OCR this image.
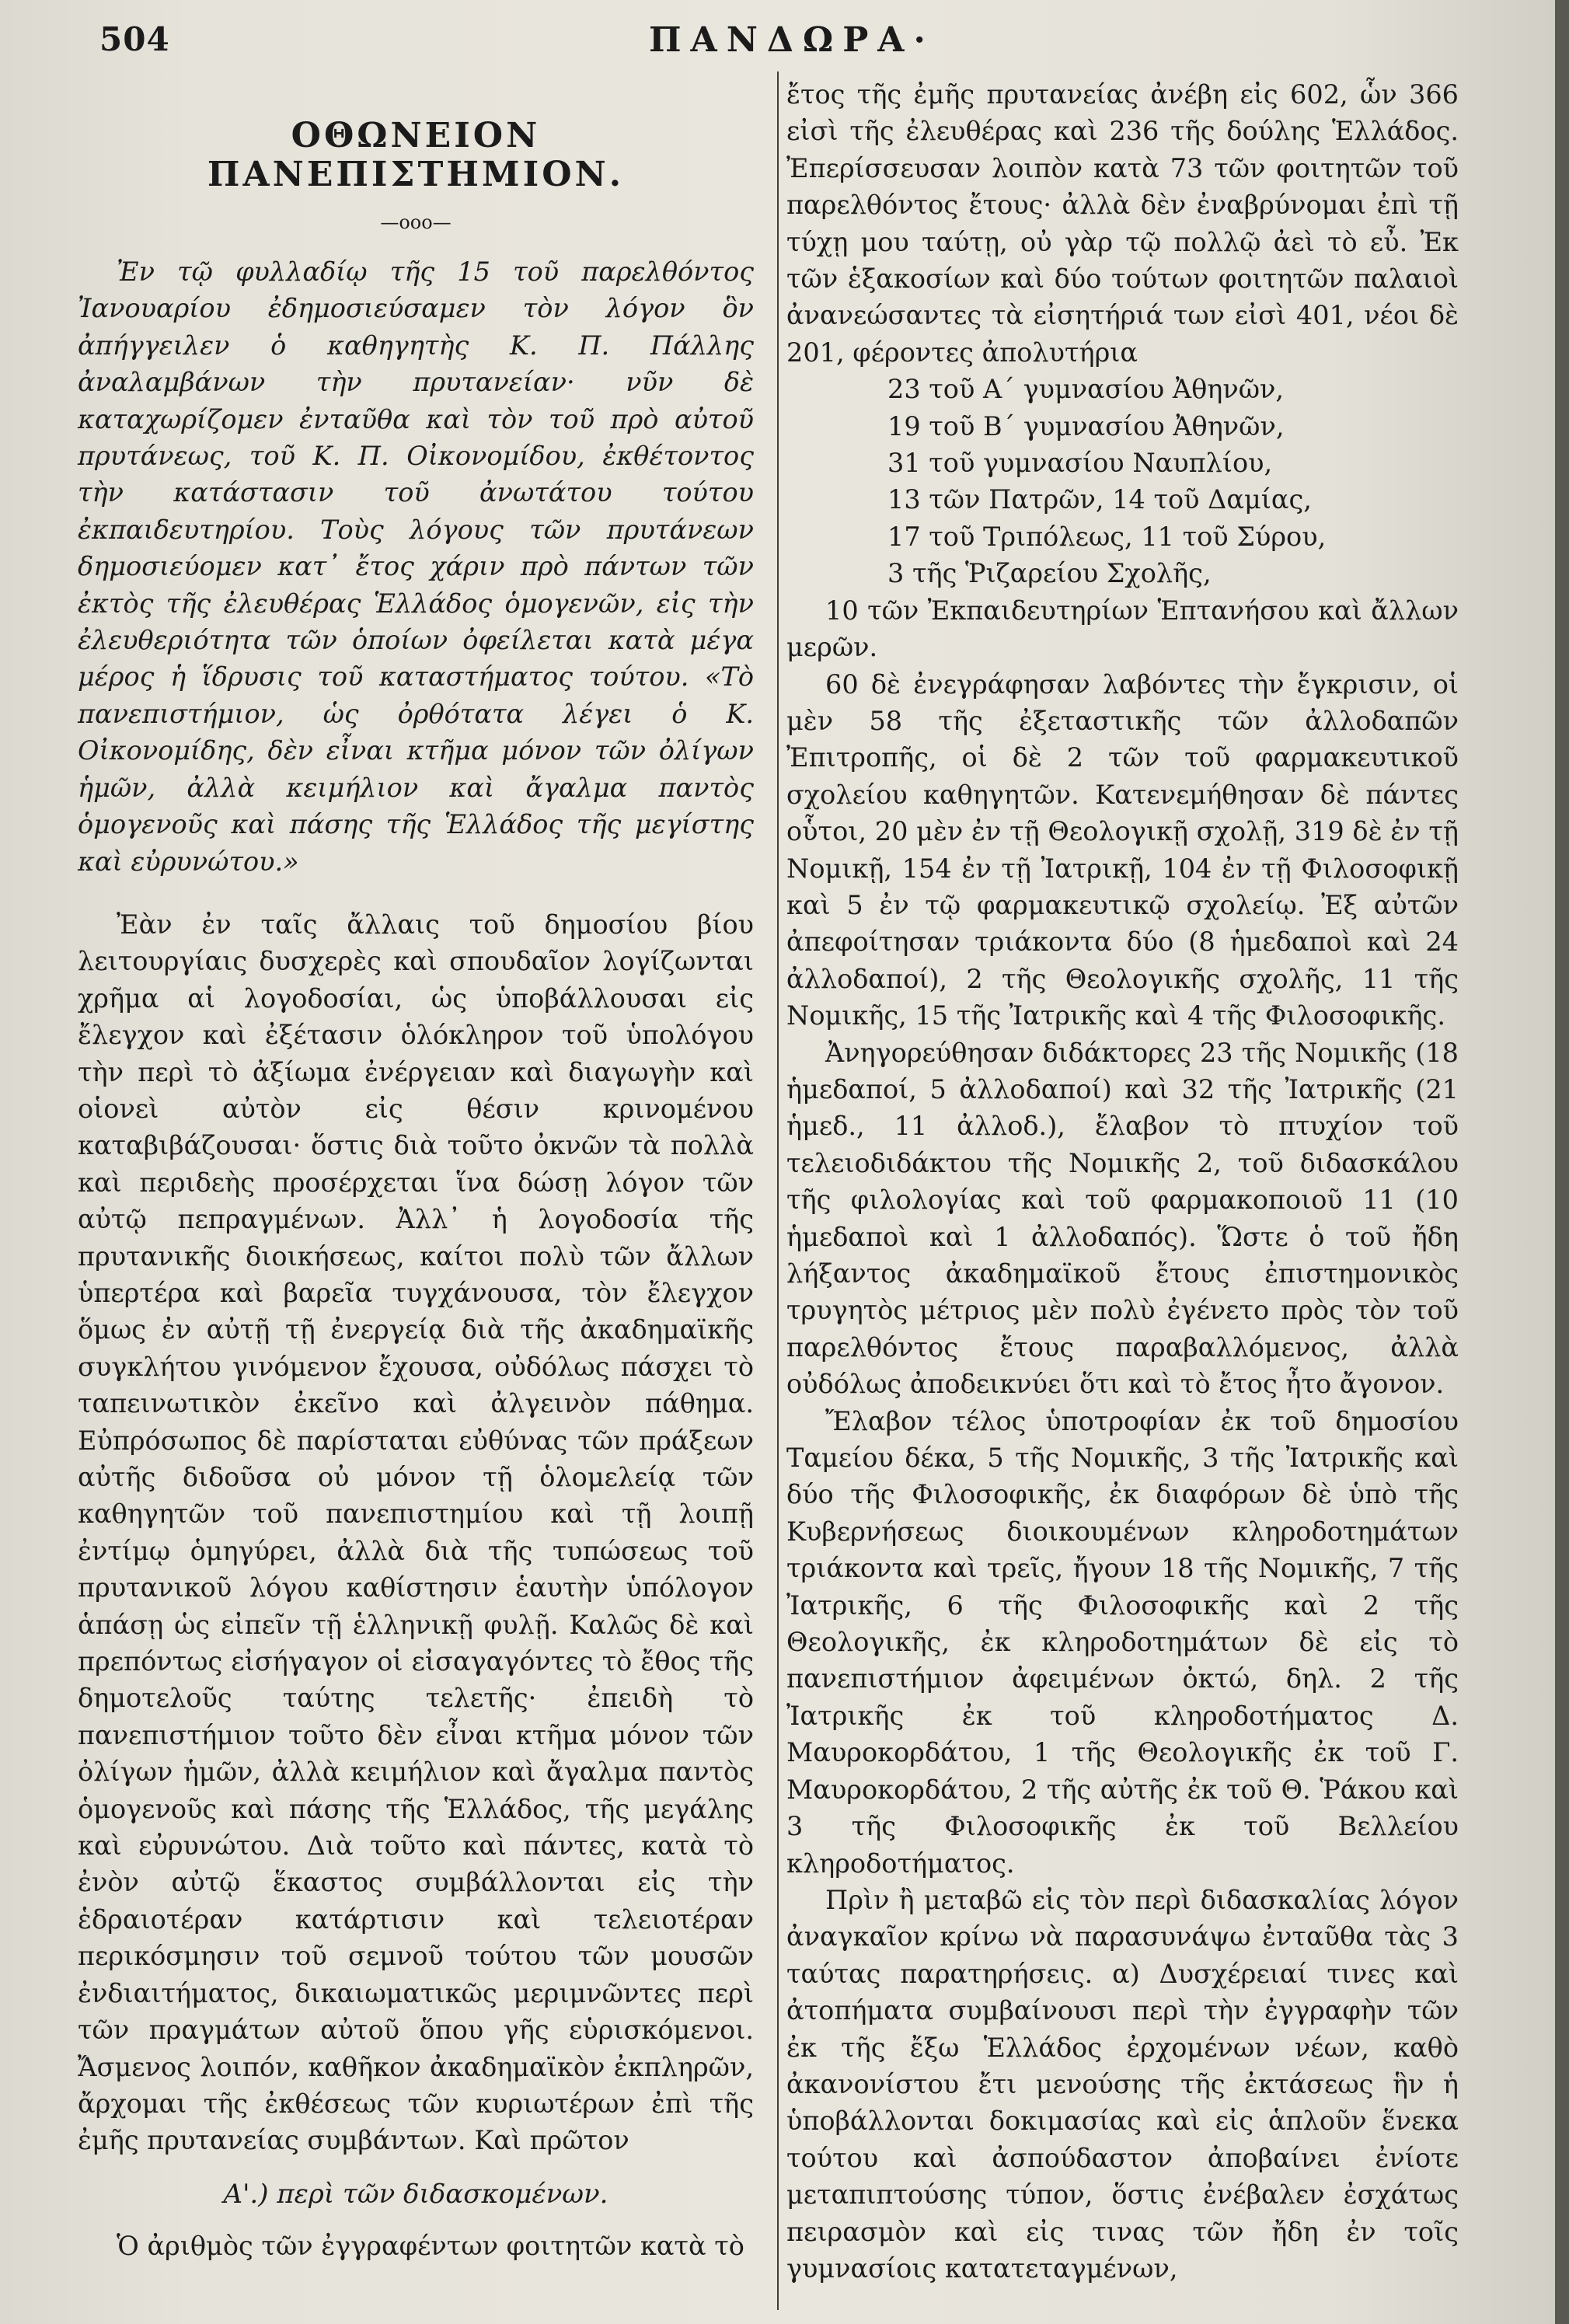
504	ΠΑΝΔΩΡΑ·
ΟΘΩΝΕΙΟΝ ΠΑΝΕΠΙΣΤΗΜΙΟΝ.
—οοο—

Ἐν τῷ φυλλαδίῳ τῆς 15 τοῦ παρελθόντος Ἰανουαρίου ἐδημοσιεύσαμεν τὸν λόγον ὃν ἀπήγγειλεν ὁ καθηγητὴς Κ. Π. Πάλλης ἀναλαμβάνων τὴν πρυτανείαν· νῦν δὲ καταχωρίζομεν ἐνταῦθα καὶ τὸν τοῦ πρὸ αὐτοῦ πρυτάνεως, τοῦ Κ. Π. Οἰκονομίδου, ἐκθέτοντος τὴν κατάστασιν τοῦ ἀνωτάτου τούτου ἐκπαιδευτηρίου. Τοὺς λόγους τῶν πρυτάνεων δημοσιεύομεν κατ᾽ ἔτος χάριν πρὸ πάντων τῶν ἐκτὸς τῆς ἐλευθέρας Ἑλλάδος ὁμογενῶν, εἰς τὴν ἐλευθεριότητα τῶν ὁποίων ὀφείλεται κατὰ μέγα μέρος ἡ ἵδρυσις τοῦ καταστήματος τούτου. «Τὸ πανεπιστήμιον, ὡς ὀρθότατα λέγει ὁ Κ. Οἰκονομίδης, δὲν εἶναι κτῆμα μόνον τῶν ὀλίγων ἡμῶν, ἀλλὰ κειμήλιον καὶ ἄγαλμα παντὸς ὁμογενοῦς καὶ πάσης τῆς Ἑλλάδος τῆς μεγίστης καὶ εὐρυνώτου.»

Ἐὰν ἐν ταῖς ἄλλαις τοῦ δημοσίου βίου λειτουργίαις δυσχερὲς καὶ σπουδαῖον λογίζωνται χρῆμα αἱ λογοδοσίαι, ὡς ὑποβάλλουσαι εἰς ἔλεγχον καὶ ἐξέτασιν ὁλόκληρον τοῦ ὑπολόγου τὴν περὶ τὸ ἀξίωμα ἐνέργειαν καὶ διαγωγὴν καὶ οἱονεὶ αὐτὸν εἰς θέσιν κρινομένου καταβιβάζουσαι· ὅστις διὰ τοῦτο ὀκνῶν τὰ πολλὰ καὶ περιδεὴς προσέρχεται ἵνα δώσῃ λόγον τῶν αὐτῷ πεπραγμένων. Ἀλλ᾽ ἡ λογοδοσία τῆς πρυτανικῆς διοικήσεως, καίτοι πολὺ τῶν ἄλλων ὑπερτέρα καὶ βαρεῖα τυγχάνουσα, τὸν ἔλεγχον ὅμως ἐν αὐτῇ τῇ ἐνεργείᾳ διὰ τῆς ἀκαδημαϊκῆς συγκλήτου γινόμενον ἔχουσα, οὐδόλως πάσχει τὸ ταπεινωτικὸν ἐκεῖνο καὶ ἀλγεινὸν πάθημα. Εὐπρόσωπος δὲ παρίσταται εὐθύνας τῶν πράξεων αὐτῆς διδοῦσα οὐ μόνον τῇ ὁλομελείᾳ τῶν καθηγητῶν τοῦ πανεπιστημίου καὶ τῇ λοιπῇ ἐντίμῳ ὁμηγύρει, ἀλλὰ διὰ τῆς τυπώσεως τοῦ πρυτανικοῦ λόγου καθίστησιν ἑαυτὴν ὑπόλογον ἁπάσῃ ὡς εἰπεῖν τῇ ἑλληνικῇ φυλῇ. Καλῶς δὲ καὶ πρεπόντως εἰσήγαγον οἱ εἰσαγαγόντες τὸ ἔθος τῆς δημοτελοῦς ταύτης τελετῆς· ἐπειδὴ τὸ πανεπιστήμιον τοῦτο δὲν εἶναι κτῆμα μόνον τῶν ὀλίγων ἡμῶν, ἀλλὰ κειμήλιον καὶ ἄγαλμα παντὸς ὁμογενοῦς καὶ πάσης τῆς Ἑλλάδος, τῆς μεγάλης καὶ εὐρυνώτου. Διὰ τοῦτο καὶ πάντες, κατὰ τὸ ἐνὸν αὐτῷ ἕκαστος συμβάλλονται εἰς τὴν ἑδραιοτέραν κατάρτισιν καὶ τελειοτέραν περικόσμησιν τοῦ σεμνοῦ τούτου τῶν μουσῶν ἐνδιαιτήματος, δικαιωματικῶς μεριμνῶντες περὶ τῶν πραγμάτων αὐτοῦ ὅπου γῆς εὑρισκόμενοι. Ἄσμενος λοιπόν, καθῆκον ἀκαδημαϊκὸν ἐκπληρῶν, ἄρχομαι τῆς ἐκθέσεως τῶν κυριωτέρων ἐπὶ τῆς ἐμῆς πρυτανείας συμβάντων. Καὶ πρῶτον

Α'.) περὶ τῶν διδασκομένων.

Ὁ ἀριθμὸς τῶν ἐγγραφέντων φοιτητῶν κατὰ τὸ

ἔτος τῆς ἐμῆς πρυτανείας ἀνέβη εἰς 602, ὧν 366 εἰσὶ τῆς ἐλευθέρας καὶ 236 τῆς δούλης Ἑλλάδος. Ἐπερίσσευσαν λοιπὸν κατὰ 73 τῶν φοιτητῶν τοῦ παρελθόντος ἔτους· ἀλλὰ δὲν ἐναβρύνομαι ἐπὶ τῇ τύχῃ μου ταύτῃ, οὐ γὰρ τῷ πολλῷ ἀεὶ τὸ εὖ. Ἐκ τῶν ἑξακοσίων καὶ δύο τούτων φοιτητῶν παλαιοὶ ἀνανεώσαντες τὰ εἰσητήριά των εἰσὶ 401, νέοι δὲ 201, φέροντες ἀπολυτήρια

23 τοῦ Α΄ γυμνασίου Ἀθηνῶν,
19 τοῦ Β΄ γυμνασίου Ἀθηνῶν,
31 τοῦ γυμνασίου Ναυπλίου,
13 τῶν Πατρῶν, 14 τοῦ Δαμίας,
17 τοῦ Τριπόλεως, 11 τοῦ Σύρου,
3 τῆς Ῥιζαρείου Σχολῆς,

10 τῶν Ἐκπαιδευτηρίων Ἑπτανήσου καὶ ἄλλων μερῶν.

60 δὲ ἐνεγράφησαν λαβόντες τὴν ἔγκρισιν, οἱ μὲν 58 τῆς ἐξεταστικῆς τῶν ἀλλοδαπῶν Ἐπιτροπῆς, οἱ δὲ 2 τῶν τοῦ φαρμακευτικοῦ σχολείου καθηγητῶν. Κατενεμήθησαν δὲ πάντες οὗτοι, 20 μὲν ἐν τῇ Θεολογικῇ σχολῇ, 319 δὲ ἐν τῇ Νομικῇ, 154 ἐν τῇ Ἰατρικῇ, 104 ἐν τῇ Φιλοσοφικῇ καὶ 5 ἐν τῷ φαρμακευτικῷ σχολείῳ. Ἐξ αὐτῶν ἀπεφοίτησαν τριάκοντα δύο (8 ἡμεδαποὶ καὶ 24 ἀλλοδαποί), 2 τῆς Θεολογικῆς σχολῆς, 11 τῆς Νομικῆς, 15 τῆς Ἰατρικῆς καὶ 4 τῆς Φιλοσοφικῆς.

Ἀνηγορεύθησαν διδάκτορες 23 τῆς Νομικῆς (18 ἡμεδαποί, 5 ἀλλοδαποί) καὶ 32 τῆς Ἰατρικῆς (21 ἡμεδ., 11 ἀλλοδ.), ἔλαβον τὸ πτυχίον τοῦ τελειοδιδάκτου τῆς Νομικῆς 2, τοῦ διδασκάλου τῆς φιλολογίας καὶ τοῦ φαρμακοποιοῦ 11 (10 ἡμεδαποὶ καὶ 1 ἀλλοδαπός). Ὥστε ὁ τοῦ ἤδη λήξαντος ἀκαδημαϊκοῦ ἔτους ἐπιστημονικὸς τρυγητὸς μέτριος μὲν πολὺ ἐγένετο πρὸς τὸν τοῦ παρελθόντος ἔτους παραβαλλόμενος, ἀλλὰ οὐδόλως ἀποδεικνύει ὅτι καὶ τὸ ἔτος ἦτο ἄγονον.

Ἔλαβον τέλος ὑποτροφίαν ἐκ τοῦ δημοσίου Ταμείου δέκα, 5 τῆς Νομικῆς, 3 τῆς Ἰατρικῆς καὶ δύο τῆς Φιλοσοφικῆς, ἐκ διαφόρων δὲ ὑπὸ τῆς Κυβερνήσεως διοικουμένων κληροδοτημάτων τριάκοντα καὶ τρεῖς, ἤγουν 18 τῆς Νομικῆς, 7 τῆς Ἰατρικῆς, 6 τῆς Φιλοσοφικῆς καὶ 2 τῆς Θεολογικῆς, ἐκ κληροδοτημάτων δὲ εἰς τὸ πανεπιστήμιον ἀφειμένων ὀκτώ, δηλ. 2 τῆς Ἰατρικῆς ἐκ τοῦ κληροδοτήματος Δ. Μαυροκορδάτου, 1 τῆς Θεολογικῆς ἐκ τοῦ Γ. Μαυροκορδάτου, 2 τῆς αὐτῆς ἐκ τοῦ Θ. Ῥάκου καὶ 3 τῆς Φιλοσοφικῆς ἐκ τοῦ Βελλείου κληροδοτήματος.

Πρὶν ἢ μεταβῶ εἰς τὸν περὶ διδασκαλίας λόγον ἀναγκαῖον κρίνω νὰ παρασυνάψω ἐνταῦθα τὰς 3 ταύτας παρατηρήσεις. α) Δυσχέρειαί τινες καὶ ἀτοπήματα συμβαίνουσι περὶ τὴν ἐγγραφὴν τῶν ἐκ τῆς ἔξω Ἑλλάδος ἐρχομένων νέων, καθὸ ἀκανονίστου ἔτι μενούσης τῆς ἐκτάσεως ἣν ἡ ὑποβάλλονται δοκιμασίας καὶ εἰς ἁπλοῦν ἕνεκα τούτου καὶ ἀσπούδαστον ἀποβαίνει ἐνίοτε μεταπιπτούσης τύπον, ὅστις ἐνέβαλεν ἐσχάτως πειρασμὸν καὶ εἰς τινας τῶν ἤδη ἐν τοῖς γυμνασίοις κατατεταγμένων,
